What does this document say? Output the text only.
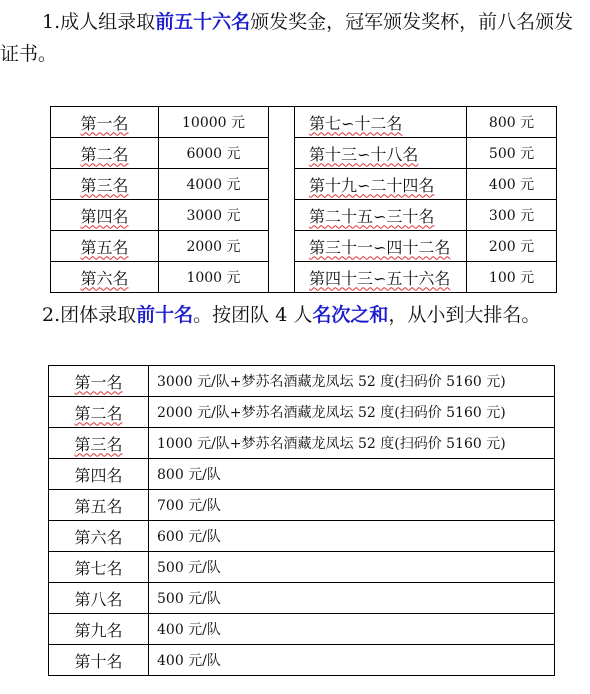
1.成人组录取前五十六名颁发奖金，冠军颁发奖杯，前八名颁发证书。

第一名	10000 元		第七∽十二名	800 元
第二名	6000 元		第十三∽十八名	500 元
第三名	4000 元		第十九∽二十四名	400 元
第四名	3000 元		第二十五∽三十名	300 元
第五名	2000 元		第三十一∽四十二名	200 元
第六名	1000 元		第四十三∽五十六名	100 元

2.团体录取前十名。按团队 4 人名次之和，从小到大排名。

第一名	3000 元/队+梦苏名酒藏龙凤坛 52 度(扫码价 5160 元)
第二名	2000 元/队+梦苏名酒藏龙凤坛 52 度(扫码价 5160 元)
第三名	1000 元/队+梦苏名酒藏龙凤坛 52 度(扫码价 5160 元)
第四名	800 元/队
第五名	700 元/队
第六名	600 元/队
第七名	500 元/队
第八名	500 元/队
第九名	400 元/队
第十名	400 元/队
